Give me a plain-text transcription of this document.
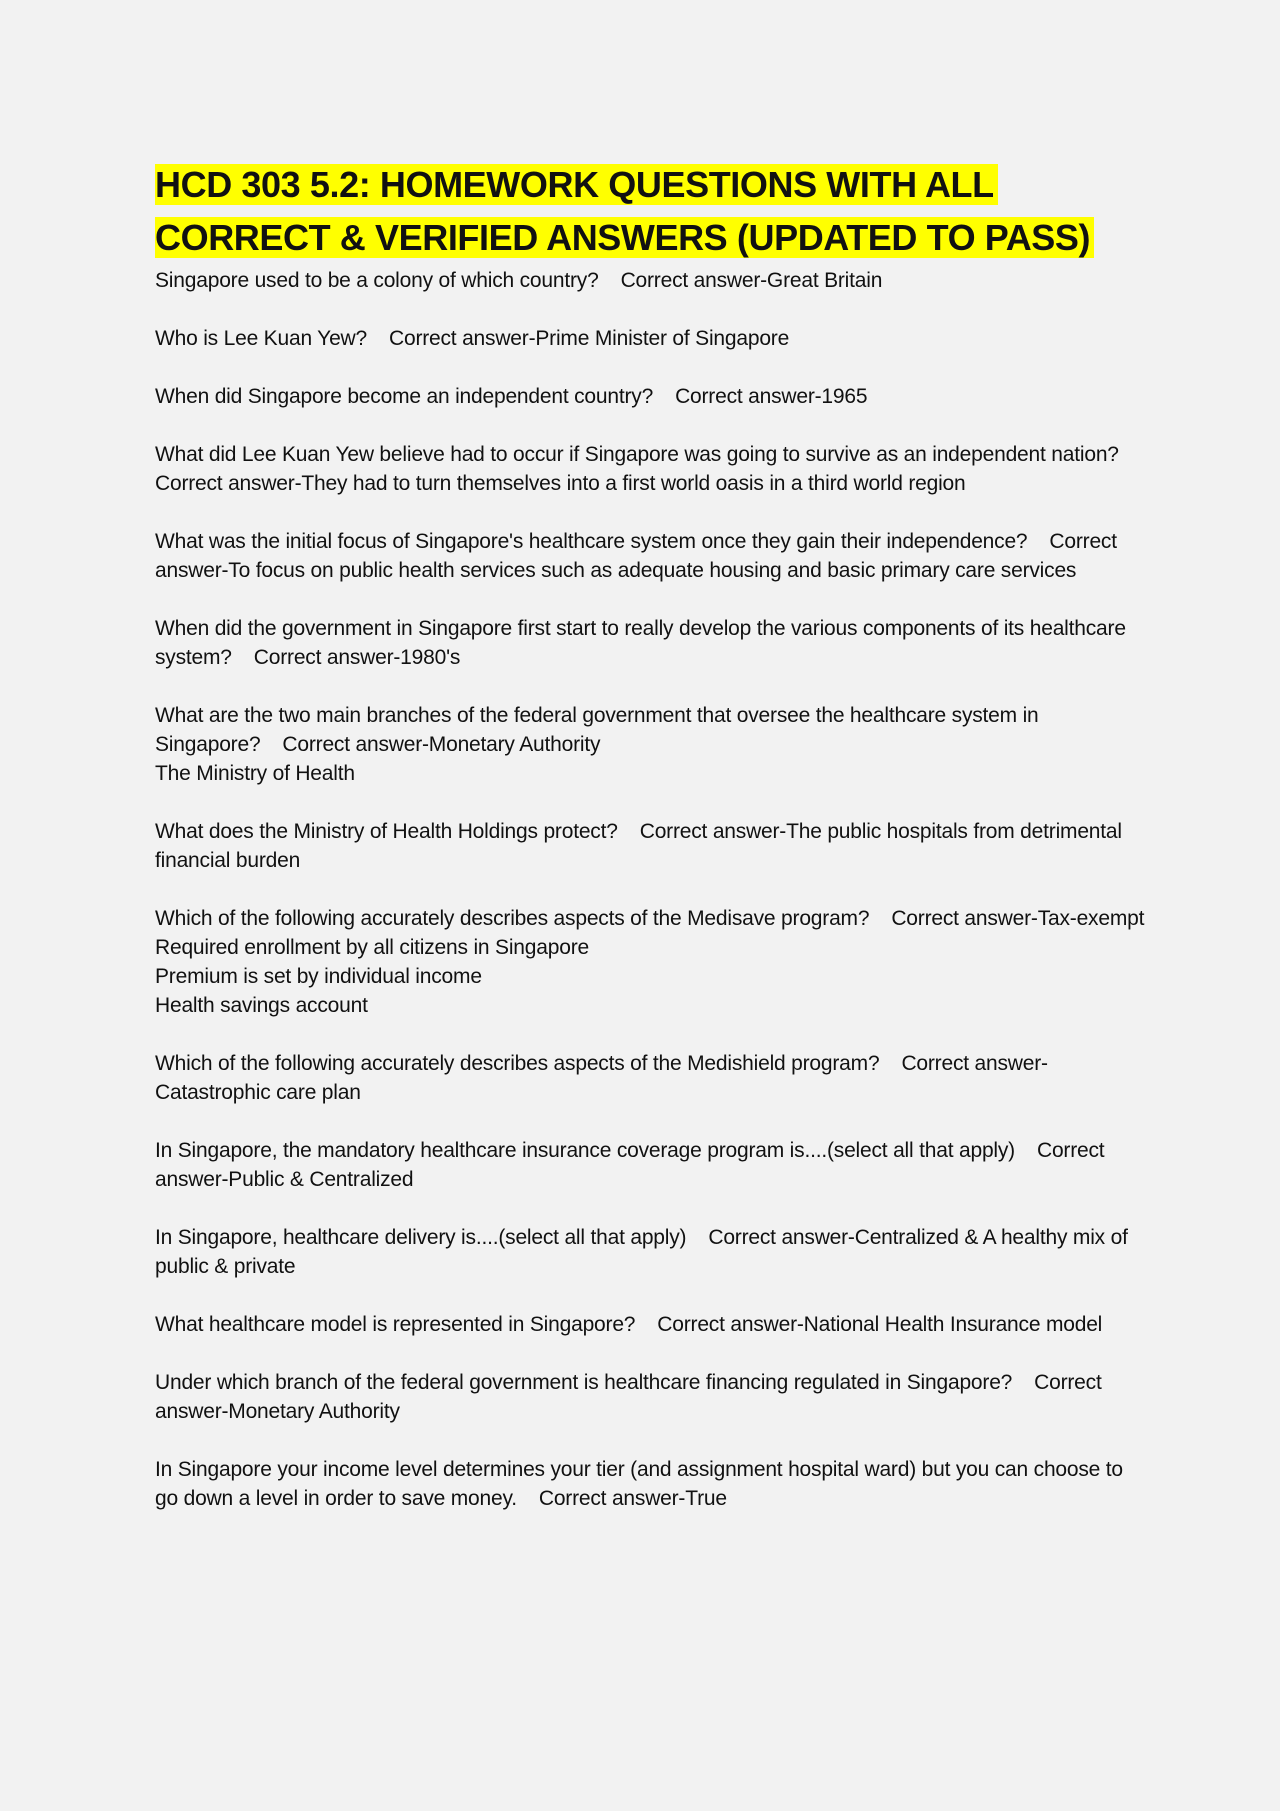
HCD 303 5.2: HOMEWORK QUESTIONS WITH ALL
CORRECT & VERIFIED ANSWERS (UPDATED TO PASS)
Singapore used to be a colony of which country? Correct answer-Great Britain
Who is Lee Kuan Yew? Correct answer-Prime Minister of Singapore
When did Singapore become an independent country? Correct answer-1965
What did Lee Kuan Yew believe had to occur if Singapore was going to survive as an independent nation?Correct answer-They had to turn themselves into a first world oasis in a third world region
What was the initial focus of Singapore's healthcare system once they gain their independence? Correct answer-To focus on public health services such as adequate housing and basic primary care services
When did the government in Singapore first start to really develop the various components of its healthcare system? Correct answer-1980's
What are the two main branches of the federal government that oversee the healthcare system in Singapore? Correct answer-Monetary Authority
The Ministry of Health
What does the Ministry of Health Holdings protect? Correct answer-The public hospitals from detrimental financial burden
Which of the following accurately describes aspects of the Medisave program? Correct answer-Tax-exempt
Required enrollment by all citizens in Singapore
Premium is set by individual income
Health savings account
Which of the following accurately describes aspects of the Medishield program? Correct answer-Catastrophic care plan
In Singapore, the mandatory healthcare insurance coverage program is....(select all that apply) Correct answer-Public & Centralized
In Singapore, healthcare delivery is....(select all that apply) Correct answer-Centralized & A healthy mix of public & private
What healthcare model is represented in Singapore? Correct answer-National Health Insurance model
Under which branch of the federal government is healthcare financing regulated in Singapore? Correct answer-Monetary Authority
In Singapore your income level determines your tier (and assignment hospital ward) but you can choose to go down a level in order to save money. Correct answer-True
